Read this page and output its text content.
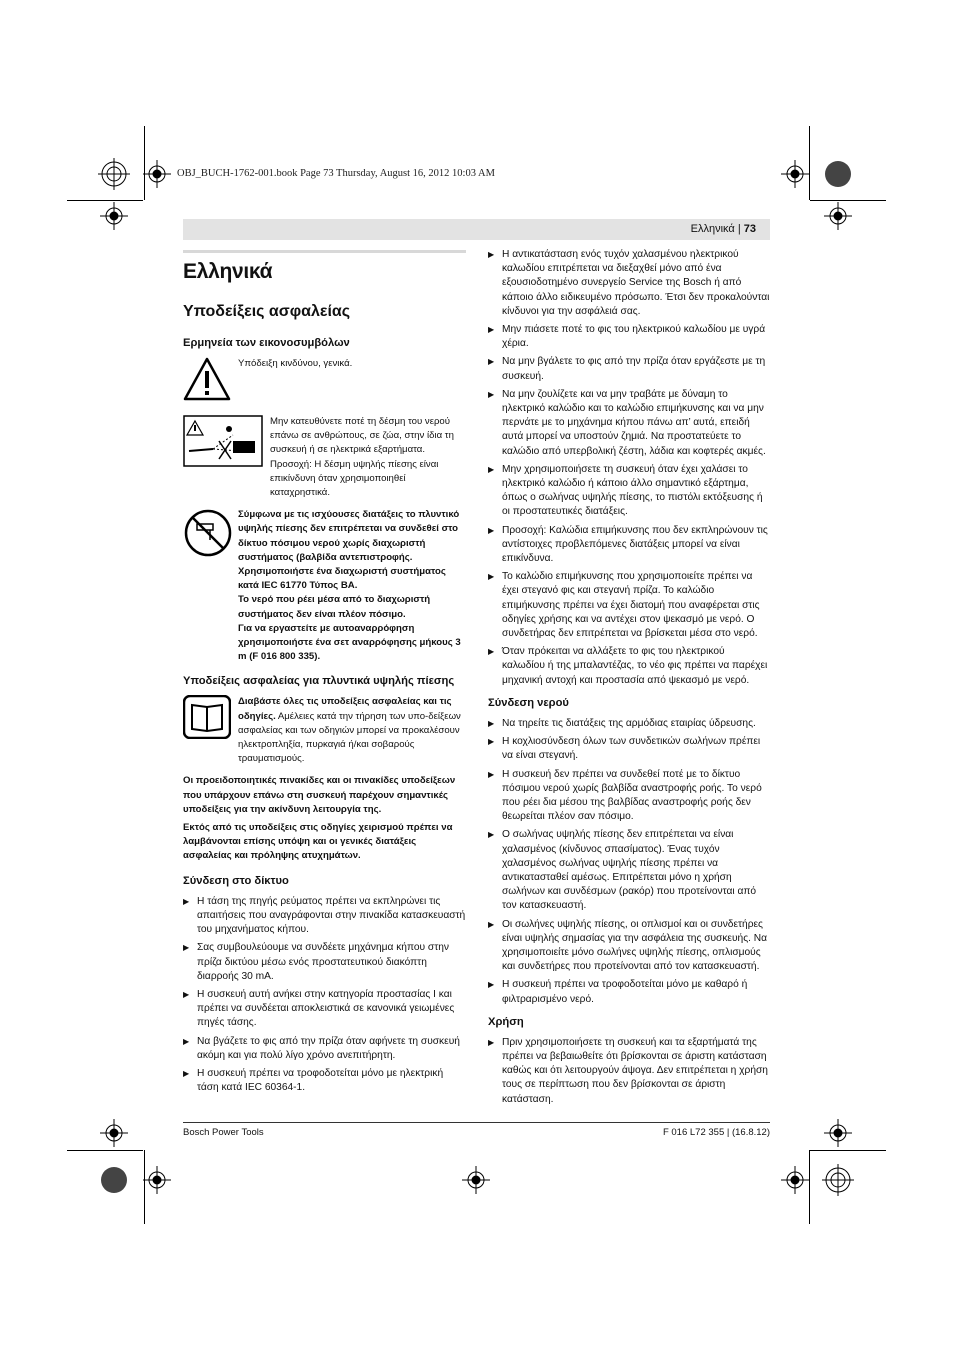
OBJ_BUCH-1762-001.book Page 73 Thursday, August 16, 2012 10:03 AM
Ελληνικά | 73
Ελληνικά
Υποδείξεις ασφαλείας
Ερμηνεία των εικονοσυμβόλων
Υπόδειξη κινδύνου, γενικά.
Μην κατευθύνετε ποτέ τη δέσμη του νερού επάνω σε ανθρώπους, σε ζώα, στην ίδια τη συσκευή ή σε ηλεκτρικά εξαρτήματα. Προσοχή: Η δέσμη υψηλής πίεσης είναι επικίνδυνη όταν χρησιμοποιηθεί καταχρηστικά.

Σύμφωνα με τις ισχύουσες διατάξεις το πλυντικό υψηλής πίεσης δεν επιτρέπεται να συνδεθεί στο δίκτυο πόσιμου νερού χωρίς διαχωριστή συστήματος (βαλβίδα αντεπιστροφής. Χρησιμοποιήστε ένα διαχωριστή συστήματος κατά IEC 61770 Τύπος BA.

Το νερό που ρέει μέσα από το διαχωριστή συστήματος δεν είναι πλέον πόσιμο.

Για να εργαστείτε με αυτοαναρρόφηση χρησιμοποιήστε ένα σετ αναρρόφησης μήκους 3 m (F 016 800 335).

Υποδείξεις ασφαλείας για πλυντικά υψηλής πίεσης
Διαβάστε όλες τις υποδείξεις ασφαλείας και τις οδηγίες. Αμέλειες κατά την τήρηση των υπο-δείξεων ασφαλείας και των οδηγιών μπορεί να προκαλέσουν ηλεκτροπληξία, πυρκαγιά ή/και σοβαρούς τραυματισμούς.

Οι προειδοποιητικές πινακίδες και οι πινακίδες υποδείξεων που υπάρχουν επάνω στη συσκευή παρέχουν σημαντικές υποδείξεις για την ακίνδυνη λειτουργία της.

Εκτός από τις υποδείξεις στις οδηγίες χειρισμού πρέπει να λαμβάνονται επίσης υπόψη και οι γενικές διατάξεις ασφαλείας και πρόληψης ατυχημάτων.

Σύνδεση στο δίκτυο
▶ Η τάση της πηγής ρεύματος πρέπει να εκπληρώνει τις απαιτήσεις που αναγράφονται στην πινακίδα κατασκευαστή του μηχανήματος κήπου.
▶ Σας συμβουλεύουμε να συνδέετε μηχάνημα κήπου στην πρίζα δικτύου μέσω ενός προστατευτικού διακόπτη διαρροής 30 mA.
▶ Η συσκευή αυτή ανήκει στην κατηγορία προστασίας I και πρέπει να συνδέεται αποκλειστικά σε κανονικά γειωμένες πηγές τάσης.
▶ Να βγάζετε το φις από την πρίζα όταν αφήνετε τη συσκευή ακόμη και για πολύ λίγο χρόνο ανεπιτήρητη.
▶ Η συσκευή πρέπει να τροφοδοτείται μόνο με ηλεκτρική τάση κατά IEC 60364-1.
▶ Η αντικατάσταση ενός τυχόν χαλασμένου ηλεκτρικού καλωδίου επιτρέπεται να διεξαχθεί μόνο από ένα εξουσιοδοτημένο συνεργείο Service της Bosch ή από κάποιο άλλο ειδικευμένο πρόσωπο. Έτσι δεν προκαλούνται κίνδυνοι για την ασφάλειά σας.
▶ Μην πιάσετε ποτέ το φις του ηλεκτρικού καλωδίου με υγρά χέρια.
▶ Να μην βγάλετε το φις από την πρίζα όταν εργάζεστε με τη συσκευή.
▶ Να μην ζουλίζετε και να μην τραβάτε με δύναμη το ηλεκτρικό καλώδιο και το καλώδιο επιμήκυνσης και να μην περνάτε με το μηχάνημα κήπου πάνω απ’ αυτά, επειδή αυτά μπορεί να υποστούν ζημιά. Να προστατεύετε το καλώδιο από υπερβολική ζέστη, λάδια και κοφτερές ακμές.
▶ Μην χρησιμοποιήσετε τη συσκευή όταν έχει χαλάσει το ηλεκτρικό καλώδιο ή κάποιο άλλο σημαντικό εξάρτημα, όπως ο σωλήνας υψηλής πίεσης, το πιστόλι εκτόξευσης ή οι προστατευτικές διατάξεις.
▶ Προσοχή: Καλώδια επιμήκυνσης που δεν εκπληρώνουν τις αντίστοιχες προβλεπόμενες διατάξεις μπορεί να είναι επικίνδυνα.
▶ Το καλώδιο επιμήκυνσης που χρησιμοποιείτε πρέπει να έχει στεγανό φις και στεγανή πρίζα. Το καλώδιο επιμήκυνσης πρέπει να έχει διατομή που αναφέρεται στις οδηγίες χρήσης και να αντέχει στον ψεκασμό με νερό. Ο συνδετήρας δεν επιτρέπεται να βρίσκεται μέσα στο νερό.
▶ Όταν πρόκειται να αλλάξετε το φις του ηλεκτρικού καλωδίου ή της μπαλαντέζας, το νέο φις πρέπει να παρέχει μηχανική αντοχή και προστασία από ψεκασμό με νερό.
Σύνδεση νερού
▶ Να τηρείτε τις διατάξεις της αρμόδιας εταιρίας ύδρευσης.
▶ Η κοχλιοσύνδεση όλων των συνδετικών σωλήνων πρέπει να είναι στεγανή.
▶ Η συσκευή δεν πρέπει να συνδεθεί ποτέ με το δίκτυο πόσιμου νερού χωρίς βαλβίδα αναστροφής ροής. Το νερό που ρέει δια μέσου της βαλβίδας αναστροφής ροής δεν θεωρείται πλέον σαν πόσιμο.
▶ Ο σωλήνας υψηλής πίεσης δεν επιτρέπεται να είναι χαλασμένος (κίνδυνος σπασίματος). Ένας τυχόν χαλασμένος σωλήνας υψηλής πίεσης πρέπει να αντικατασταθεί αμέσως. Επιτρέπεται μόνο η χρήση σωλήνων και συνδέσμων (ρακόρ) που προτείνονται από τον κατασκευαστή.
▶ Οι σωλήνες υψηλής πίεσης, οι οπλισμοί και οι συνδετήρες είναι υψηλής σημασίας για την ασφάλεια της συσκευής. Να χρησιμοποιείτε μόνο σωλήνες υψηλής πίεσης, οπλισμούς και συνδετήρες που προτείνονται από τον κατασκευαστή.
▶ Η συσκευή πρέπει να τροφοδοτείται μόνο με καθαρό ή φιλτραρισμένο νερό.
Χρήση
▶ Πριν χρησιμοποιήσετε τη συσκευή και τα εξαρτήματά της πρέπει να βεβαιωθείτε ότι βρίσκονται σε άριστη κατάσταση καθώς και ότι λειτουργούν άψογα. Δεν επιτρέπεται η χρήση τους σε περίπτωση που δεν βρίσκονται σε άριστη κατάσταση.
Bosch Power Tools	F 016 L72 355 | (16.8.12)
